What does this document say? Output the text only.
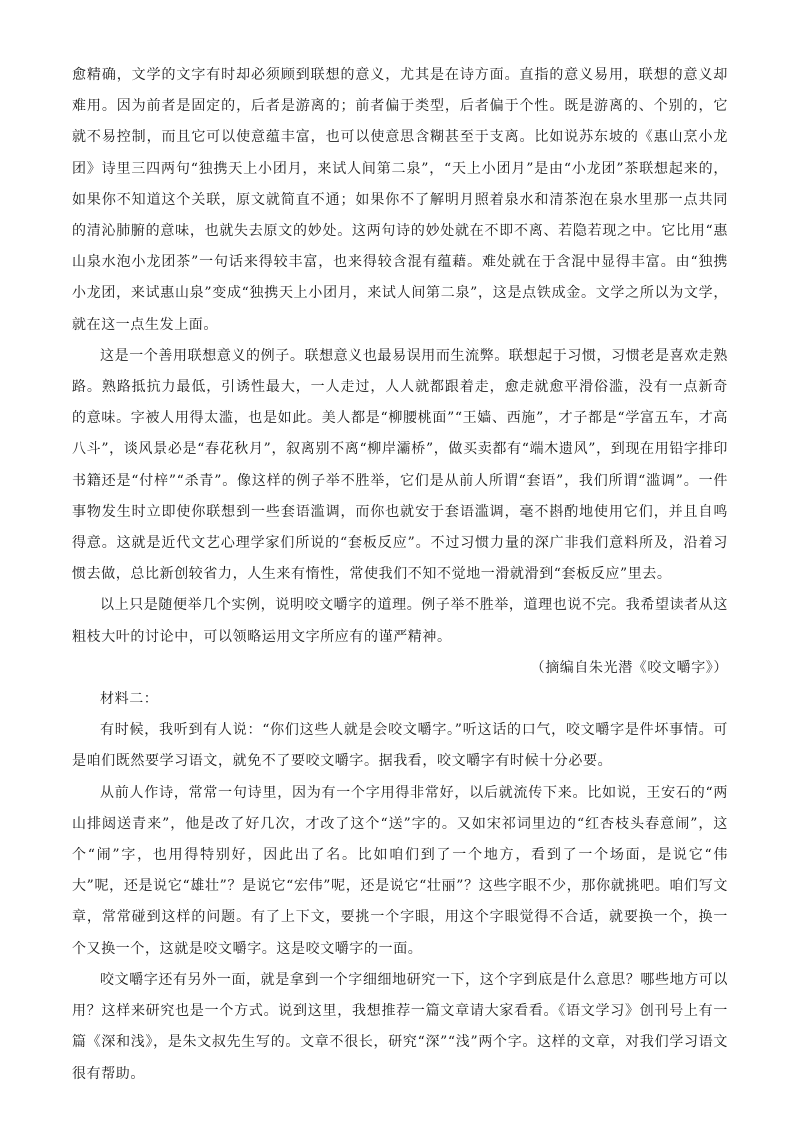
愈精确，文学的文字有时却必须顾到联想的意义，尤其是在诗方面。直指的意义易用，联想的意义却难用。因为前者是固定的，后者是游离的；前者偏于类型，后者偏于个性。既是游离的、个别的，它就不易控制，而且它可以使意蕴丰富，也可以使意思含糊甚至于支离。比如说苏东坡的《惠山烹小龙团》诗里三四两句“独携天上小团月，来试人间第二泉”，“天上小团月”是由“小龙团”茶联想起来的，如果你不知道这个关联，原文就简直不通；如果你不了解明月照着泉水和清茶泡在泉水里那一点共同的清沁肺腑的意味，也就失去原文的妙处。这两句诗的妙处就在不即不离、若隐若现之中。它比用“惠山泉水泡小龙团茶”一句话来得较丰富，也来得较含混有蕴藉。难处就在于含混中显得丰富。由“独携小龙团，来试惠山泉”变成“独携天上小团月，来试人间第二泉”，这是点铁成金。文学之所以为文学，就在这一点生发上面。

这是一个善用联想意义的例子。联想意义也最易误用而生流弊。联想起于习惯，习惯老是喜欢走熟路。熟路抵抗力最低，引诱性最大，一人走过，人人就都跟着走，愈走就愈平滑俗滥，没有一点新奇的意味。字被人用得太滥，也是如此。美人都是“柳腰桃面”“王嫱、西施”，才子都是“学富五车，才高八斗”，谈风景必是“春花秋月”，叙离别不离“柳岸灞桥”，做买卖都有“端木遗风”，到现在用铅字排印书籍还是“付梓”“杀青”。像这样的例子举不胜举，它们是从前人所谓“套语”，我们所谓“滥调”。一件事物发生时立即使你联想到一些套语滥调，而你也就安于套语滥调，毫不斟酌地使用它们，并且自鸣得意。这就是近代文艺心理学家们所说的“套板反应”。不过习惯力量的深广非我们意料所及，沿着习惯去做，总比新创较省力，人生来有惰性，常使我们不知不觉地一滑就滑到“套板反应”里去。

以上只是随便举几个实例，说明咬文嚼字的道理。例子举不胜举，道理也说不完。我希望读者从这粗枝大叶的讨论中，可以领略运用文字所应有的谨严精神。

（摘编自朱光潜《咬文嚼字》）

材料二：

有时候，我听到有人说：“你们这些人就是会咬文嚼字。”听这话的口气，咬文嚼字是件坏事情。可是咱们既然要学习语文，就免不了要咬文嚼字。据我看，咬文嚼字有时候十分必要。

从前人作诗，常常一句诗里，因为有一个字用得非常好，以后就流传下来。比如说，王安石的“两山排闼送青来”，他是改了好几次，才改了这个“送”字的。又如宋祁词里边的“红杏枝头春意闹”，这个“闹”字，也用得特别好，因此出了名。比如咱们到了一个地方，看到了一个场面，是说它“伟大”呢，还是说它“雄壮”？是说它“宏伟”呢，还是说它“壮丽”？这些字眼不少，那你就挑吧。咱们写文章，常常碰到这样的问题。有了上下文，要挑一个字眼，用这个字眼觉得不合适，就要换一个，换一个又换一个，这就是咬文嚼字。这是咬文嚼字的一面。

咬文嚼字还有另外一面，就是拿到一个字细细地研究一下，这个字到底是什么意思？哪些地方可以用？这样来研究也是一个方式。说到这里，我想推荐一篇文章请大家看看。《语文学习》创刊号上有一篇《深和浅》，是朱文叔先生写的。文章不很长，研究“深”“浅”两个字。这样的文章，对我们学习语文很有帮助。
